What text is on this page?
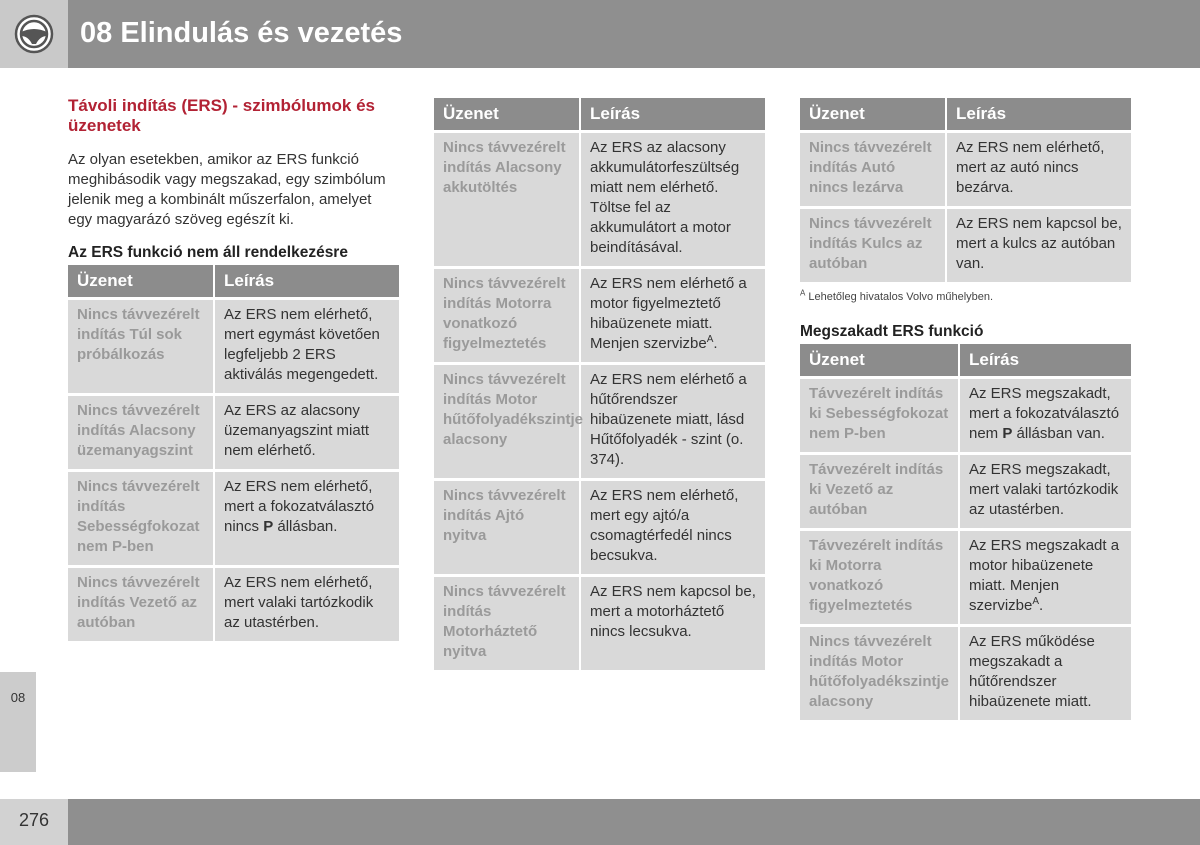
08 Elindulás és vezetés
08
276
Távoli indítás (ERS) - szimbólumok és üzenetek
Az olyan esetekben, amikor az ERS funkció meghibásodik vagy megszakad, egy szimbólum jelenik meg a kombinált műszerfalon, amelyet egy magyarázó szöveg egészít ki.
Az ERS funkció nem áll rendelkezésre
Üzenet	Leírás
Nincs távvezérelt indítás Túl sok próbálkozás	Az ERS nem elérhető, mert egymást követően legfeljebb 2 ERS aktiválás megengedett.
Nincs távvezérelt indítás Alacsony üzemanyagszint	Az ERS az alacsony üzemanyagszint miatt nem elérhető.
Nincs távvezérelt indítás Sebességfokozat nem P-ben	Az ERS nem elérhető, mert a fokozatválasztó nincs P állásban.
Nincs távvezérelt indítás Vezető az autóban	Az ERS nem elérhető, mert valaki tartózkodik az utastérben.
Üzenet	Leírás
Nincs távvezérelt indítás Alacsony akkutöltés	Az ERS az alacsony akkumulátorfeszültség miatt nem elérhető. Töltse fel az akkumulátort a motor beindításával.
Nincs távvezérelt indítás Motorra vonatkozó figyelmeztetés	Az ERS nem elérhető a motor figyelmeztető hibaüzenete miatt. Menjen szervizbe$^A$.
Nincs távvezérelt indítás Motor hűtőfolyadékszintje alacsony	Az ERS nem elérhető a hűtőrendszer hibaüzenete miatt, lásd Hűtőfolyadék - szint (o. 374).
Nincs távvezérelt indítás Ajtó nyitva	Az ERS nem elérhető, mert egy ajtó/a csomagtérfedél nincs becsukva.
Nincs távvezérelt indítás Motorháztető nyitva	Az ERS nem kapcsol be, mert a motorháztető nincs lecsukva.
Üzenet	Leírás
Nincs távvezérelt indítás Autó nincs lezárva	Az ERS nem elérhető, mert az autó nincs bezárva.
Nincs távvezérelt indítás Kulcs az autóban	Az ERS nem kapcsol be, mert a kulcs az autóban van.
$^A$ Lehetőleg hivatalos Volvo műhelyben.
Megszakadt ERS funkció
Üzenet	Leírás
Távvezérelt indítás ki Sebességfokozat nem P-ben	Az ERS megszakadt, mert a fokozatválasztó nem P állásban van.
Távvezérelt indítás ki Vezető az autóban	Az ERS megszakadt, mert valaki tartózkodik az utastérben.
Távvezérelt indítás ki Motorra vonatkozó figyelmeztetés	Az ERS megszakadt a motor hibaüzenete miatt. Menjen szervizbe$^A$.
Nincs távvezérelt indítás Motor hűtőfolyadékszintje alacsony	Az ERS működése megszakadt a hűtőrendszer hibaüzenete miatt.
